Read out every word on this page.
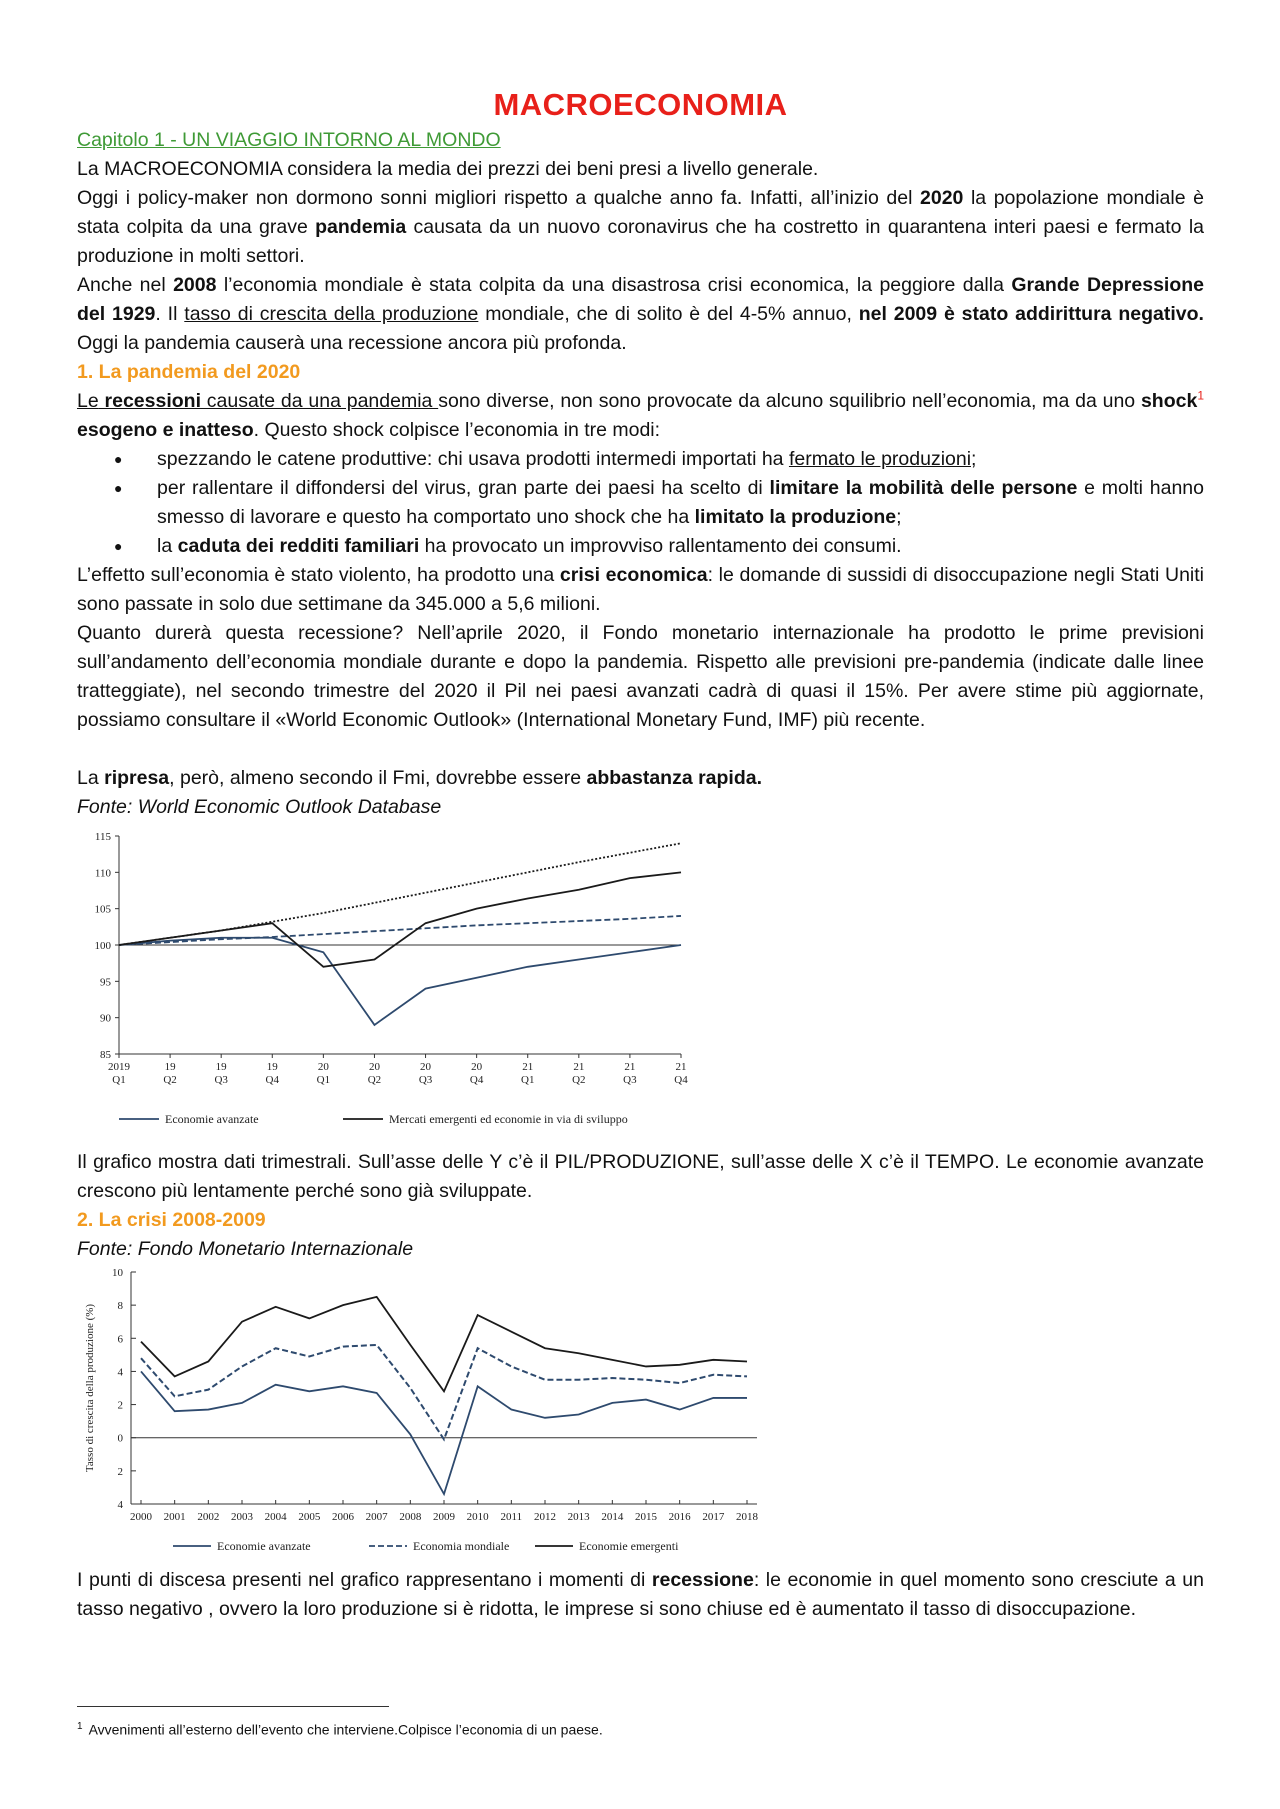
MACROECONOMIA
Capitolo 1 - UN VIAGGIO INTORNO AL MONDO

La MACROECONOMIA considera la media dei prezzi dei beni presi a livello generale.

Oggi i policy-maker non dormono sonni migliori rispetto a qualche anno fa. Infatti, all’inizio del 2020 la popolazione mondiale è stata colpita da una grave pandemia causata da un nuovo coronavirus che ha costretto in quarantena interi paesi e fermato la produzione in molti settori.

Anche nel 2008 l’economia mondiale è stata colpita da una disastrosa crisi economica, la peggiore dalla Grande Depressione del 1929. Il tasso di crescita della produzione mondiale, che di solito è del 4-5% annuo, nel 2009 è stato addirittura negativo. Oggi la pandemia causerà una recessione ancora più profonda.

1. La pandemia del 2020

Le recessioni causate da una pandemia sono diverse, non sono provocate da alcuno squilibrio nell’economia, ma da uno shock$^1$ esogeno e inatteso. Questo shock colpisce l’economia in tre modi:

● spezzando le catene produttive: chi usava prodotti intermedi importati ha fermato le produzioni;
● per rallentare il diffondersi del virus, gran parte dei paesi ha scelto di limitare la mobilità delle persone e molti hanno smesso di lavorare e questo ha comportato uno shock che ha limitato la produzione;
● la caduta dei redditi familiari ha provocato un improvviso rallentamento dei consumi.

L’effetto sull’economia è stato violento, ha prodotto una crisi economica: le domande di sussidi di disoccupazione negli Stati Uniti sono passate in solo due settimane da 345.000 a 5,6 milioni.

Quanto durerà questa recessione? Nell’aprile 2020, il Fondo monetario internazionale ha prodotto le prime previsioni sull’andamento dell’economia mondiale durante e dopo la pandemia. Rispetto alle previsioni pre-pandemia (indicate dalle linee tratteggiate), nel secondo trimestre del 2020 il Pil nei paesi avanzati cadrà di quasi il 15%. Per avere stime più aggiornate, possiamo consultare il «World Economic Outlook» (International Monetary Fund, IMF) più recente.

La ripresa, però, almeno secondo il Fmi, dovrebbe essere abbastanza rapida.

Fonte: World Economic Outlook Database
85
90
95
100
105
110
115
2019
Q1
19
Q2
19
Q3
19
Q4
20
Q1
20
Q2
20
Q3
20
Q4
21
Q1
21
Q2
21
Q3
21
Q4
Economie avanzate	Mercati emergenti ed economie in via di sviluppo

Il grafico mostra dati trimestrali. Sull’asse delle Y c’è il PIL/PRODUZIONE, sull’asse delle X c’è il TEMPO. Le economie avanzate crescono più lentamente perché sono già sviluppate.

2. La crisi 2008-2009
Fonte: Fondo Monetario Internazionale
4
2
0
2
4
6
8
10
Tasso di crescita della produzione (%)
2000 2001 2002 2003 2004 2005 2006 2007 2008 2009 2010 2011 2012 2013 2014 2015 2016 2017 2018
Economie avanzate	Economia mondiale	Economie emergenti

I punti di discesa presenti nel grafico rappresentano i momenti di recessione: le economie in quel momento sono cresciute a un tasso negativo , ovvero la loro produzione si è ridotta, le imprese si sono chiuse ed è aumentato il tasso di disoccupazione.

$^1$ Avvenimenti all’esterno dell’evento che interviene.Colpisce l’economia di un paese.
